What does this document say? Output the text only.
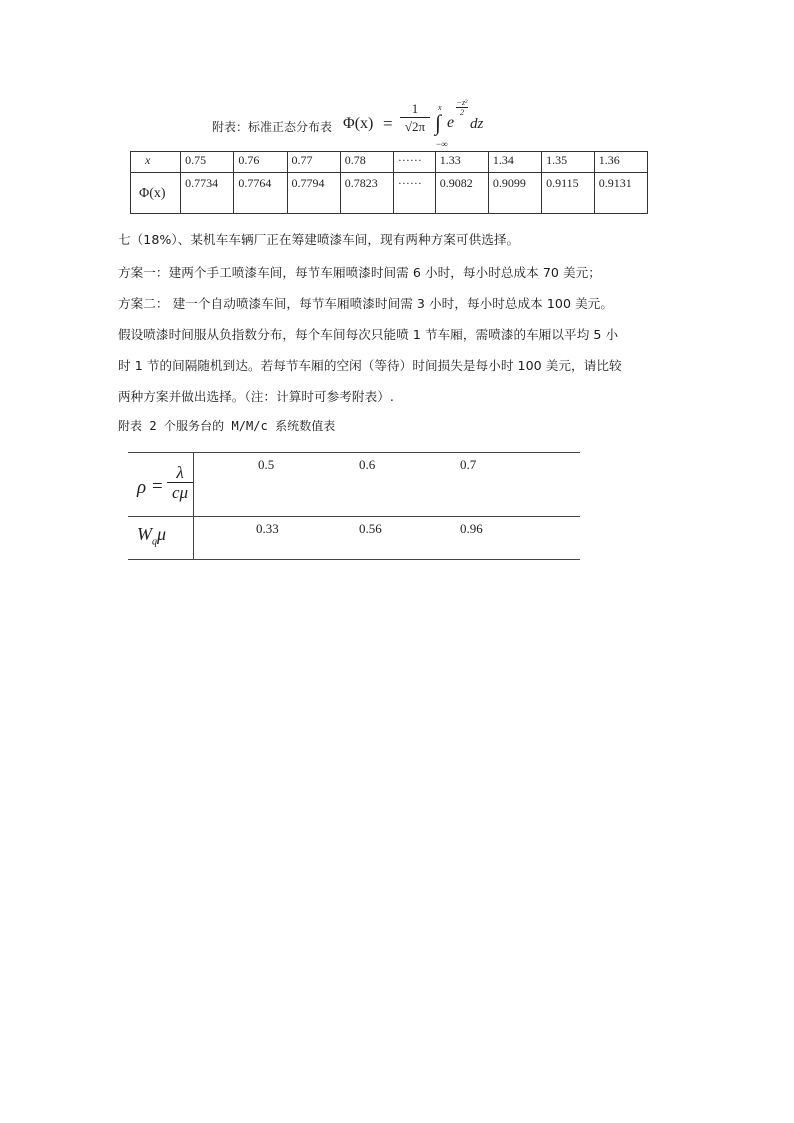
附表：标准正态分布表 Φ(x) =
1
√2π
x
∫
−∞
e
−z²
2
dz
x	0.75	0.76	0.77	0.78	······	1.33	1.34	1.35	1.36
Φ(x)	0.7734	0.7764	0.7794	0.7823	······	0.9082	0.9099	0.9115	0.9131
七（18%）、某机车车辆厂正在筹建喷漆车间，现有两种方案可供选择。
方案一：建两个手工喷漆车间，每节车厢喷漆时间需 6 小时，每小时总成本 70 美元；
方案二： 建一个自动喷漆车间，每节车厢喷漆时间需 3 小时，每小时总成本 100 美元。
假设喷漆时间服从负指数分布，每个车间每次只能喷 1 节车厢，需喷漆的车厢以平均 5 小
时 1 节的间隔随机到达。若每节车厢的空闲（等待）时间损失是每小时 100 美元，请比较
两种方案并做出选择。（注：计算时可参考附表）.
附表 2 个服务台的 M/M/c 系统数值表
ρ =
λ
cμ
0.5	0.6	0.7
$W_q\mu$	0.33	0.56	0.96
